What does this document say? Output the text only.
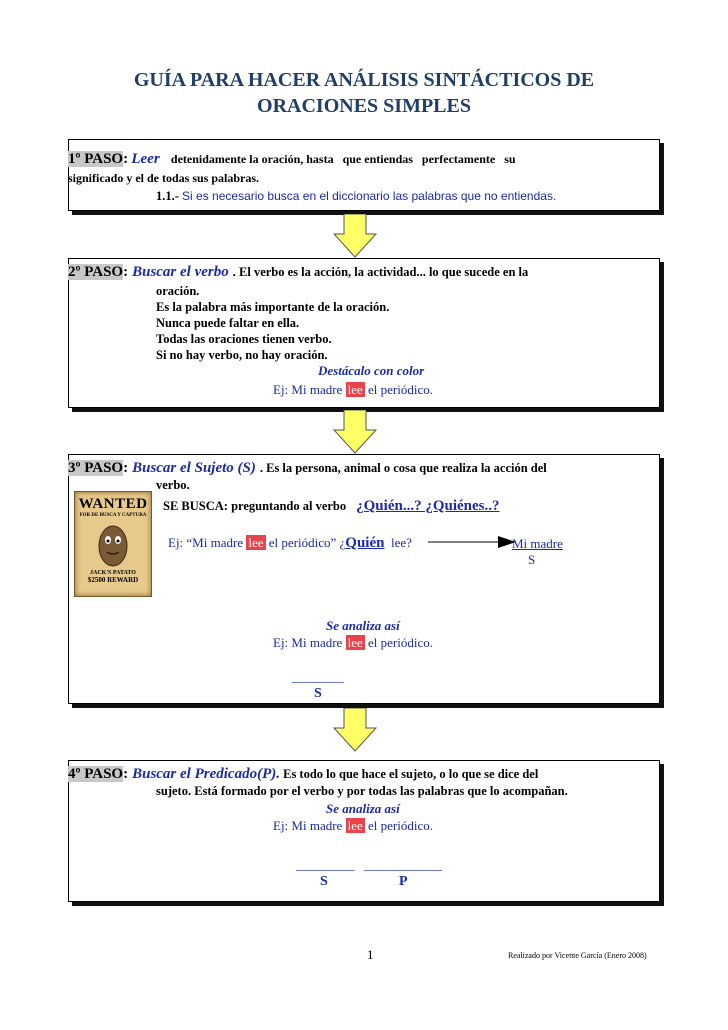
GUÍA PARA HACER ANÁLISIS SINTÁCTICOS DE
ORACIONES SIMPLES
1º PASO: Leer detenidamente la oración, hasta   que entiendas   perfectamente   su
significado y el de todas sus palabras.
1.1.- Si es necesario busca en el diccionario las palabras que no entiendas.
2º PASO: Buscar el verbo . El verbo es la acción, la actividad... lo que sucede en la
oración.
Es la palabra más importante de la oración.
Nunca puede faltar en ella.
Todas las oraciones tienen verbo.
Si no hay verbo, no hay oración.
Destácalo con color
Ej: Mi madre lee el periódico.
3º PASO: Buscar el Sujeto (S) . Es la persona, animal o cosa que realiza la acción del
verbo.
WANTED
FOR DE BUSCA Y CAPTURA
JACK'S PATATO
$2500 REWARD
SE BUSCA: preguntando al verbo ¿Quién...? ¿Quiénes..?
Ej: “Mi madre lee el periódico” ¿Quién  lee?	Mi madre
S
Se analiza así
Ej: Mi madre lee el periódico.
________
S
4º PASO: Buscar el Predicado(P). Es todo lo que hace el sujeto, o lo que se dice del
sujeto. Está formado por el verbo y por todas las palabras que lo acompañan.
Se analiza así
Ej: Mi madre lee el periódico.
_________ ____________
S	P
1	Realizado por Vicente García (Enero 2008)
